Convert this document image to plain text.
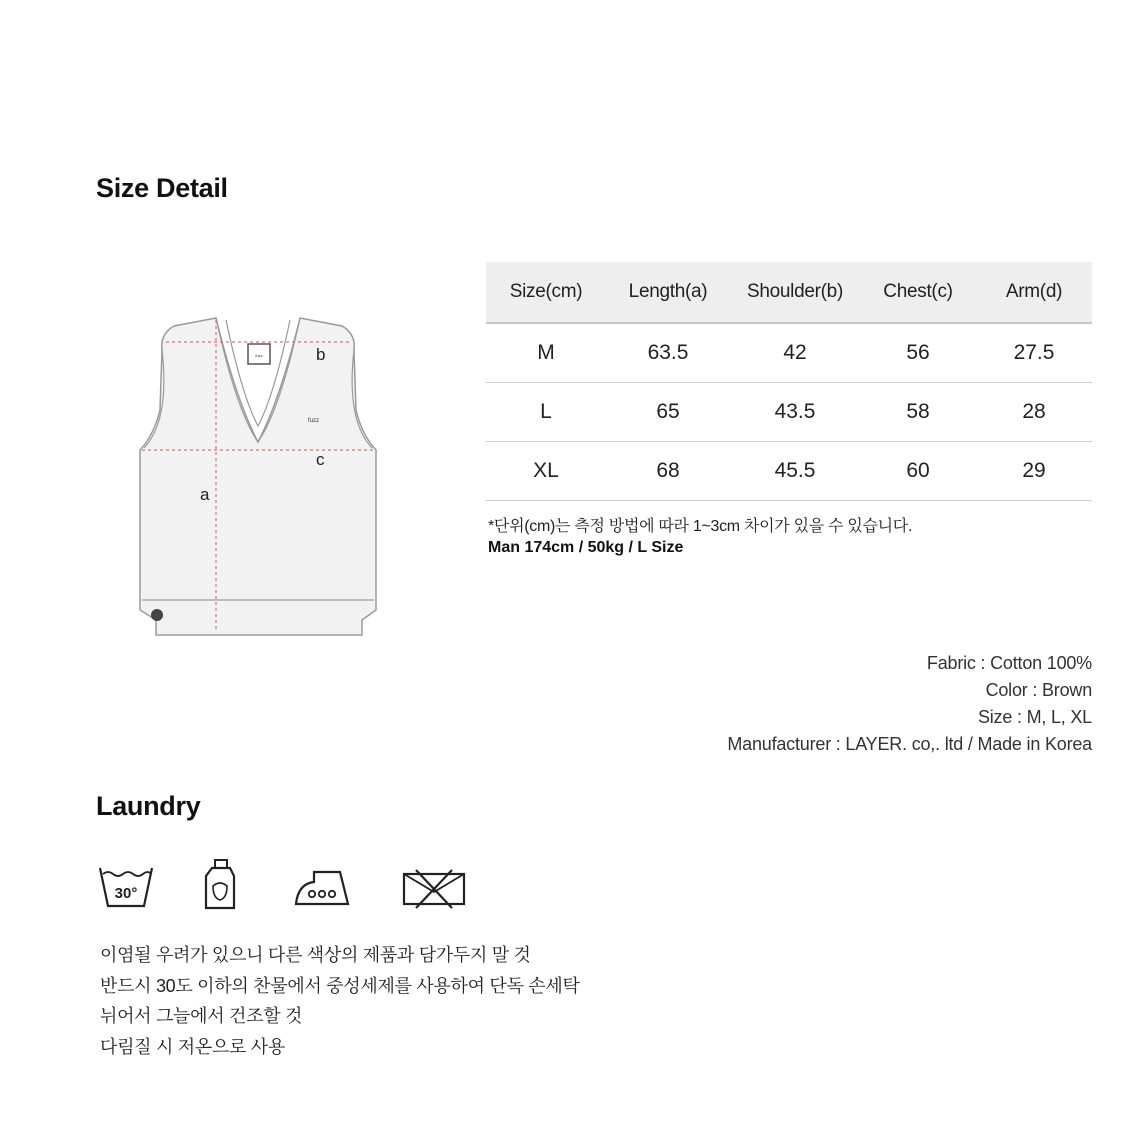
Size Detail
fuzz
fuzz
b
c
a
Size(cm)	Length(a)	Shoulder(b)	Chest(c)	Arm(d)
M	63.5	42	56	27.5
L	65	43.5	58	28
XL	68	45.5	60	29
*단위(cm)는 측정 방법에 따라 1~3cm 차이가 있을 수 있습니다.
Man 174cm / 50kg / L Size
Fabric : Cotton 100%
Color : Brown
Size : M, L, XL
Manufacturer : LAYER. co,. ltd / Made in Korea
Laundry
30°
이염될 우려가 있으니 다른 색상의 제품과 담가두지 말 것
반드시 30도 이하의 찬물에서 중성세제를 사용하여 단독 손세탁
뉘어서 그늘에서 건조할 것
다림질 시 저온으로 사용
